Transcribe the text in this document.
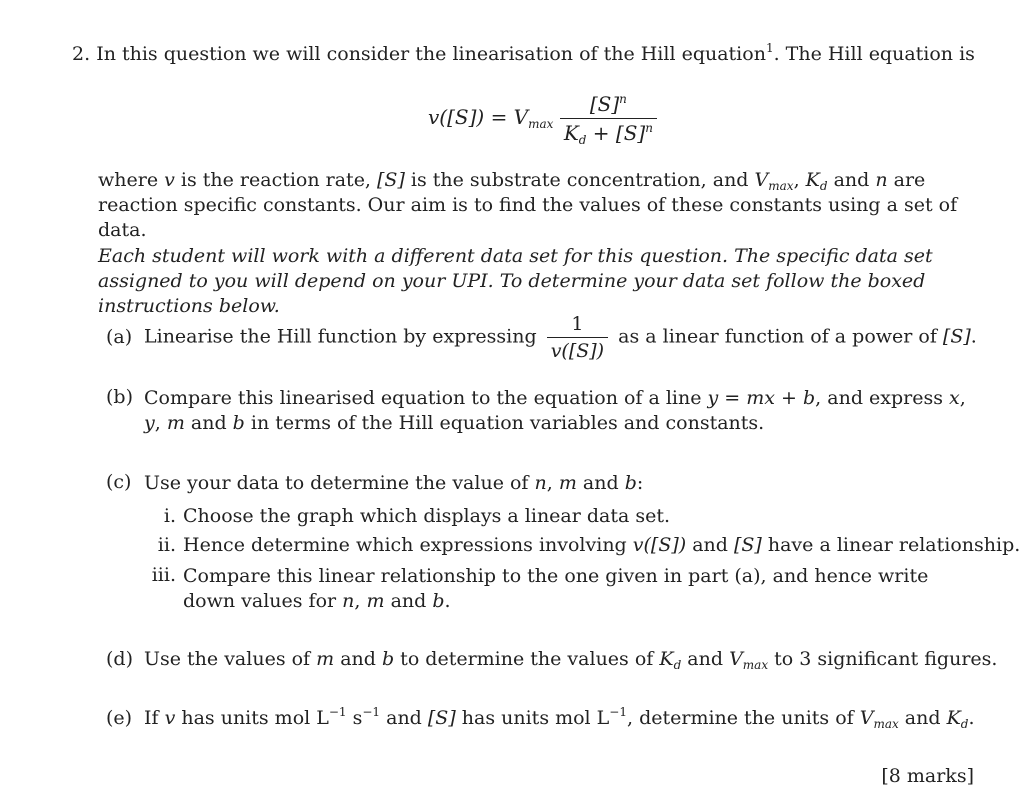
2. In this question we will consider the linearisation of the Hill equation$^1$. The Hill equation is
$v([S]) = V_{max} \frac{[S]^n}{K_d + [S]^n}$
where v is the reaction rate, [S] is the substrate concentration, and $V_{max}$, $K_d$ and n are reaction specific constants. Our aim is to find the values of these constants using a set of data.
Each student will work with a different data set for this question. The specific data set assigned to you will depend on your UPI. To determine your data set follow the boxed instructions below.
(a) Linearise the Hill function by expressing $\frac{1}{v([S])}$ as a linear function of a power of [S].
(b) Compare this linearised equation to the equation of a line y = mx + b, and express x, y, m and b in terms of the Hill equation variables and constants.
(c) Use your data to determine the value of n, m and b:
i. Choose the graph which displays a linear data set.
ii. Hence determine which expressions involving v([S]) and [S] have a linear relationship.
iii. Compare this linear relationship to the one given in part (a), and hence write down values for n, m and b.
(d) Use the values of m and b to determine the values of $K_d$ and $V_{max}$ to 3 significant figures.
(e) If v has units mol $L^{-1}$ $s^{-1}$ and [S] has units mol $L^{-1}$, determine the units of $V_{max}$ and $K_d$.
[8 marks]
